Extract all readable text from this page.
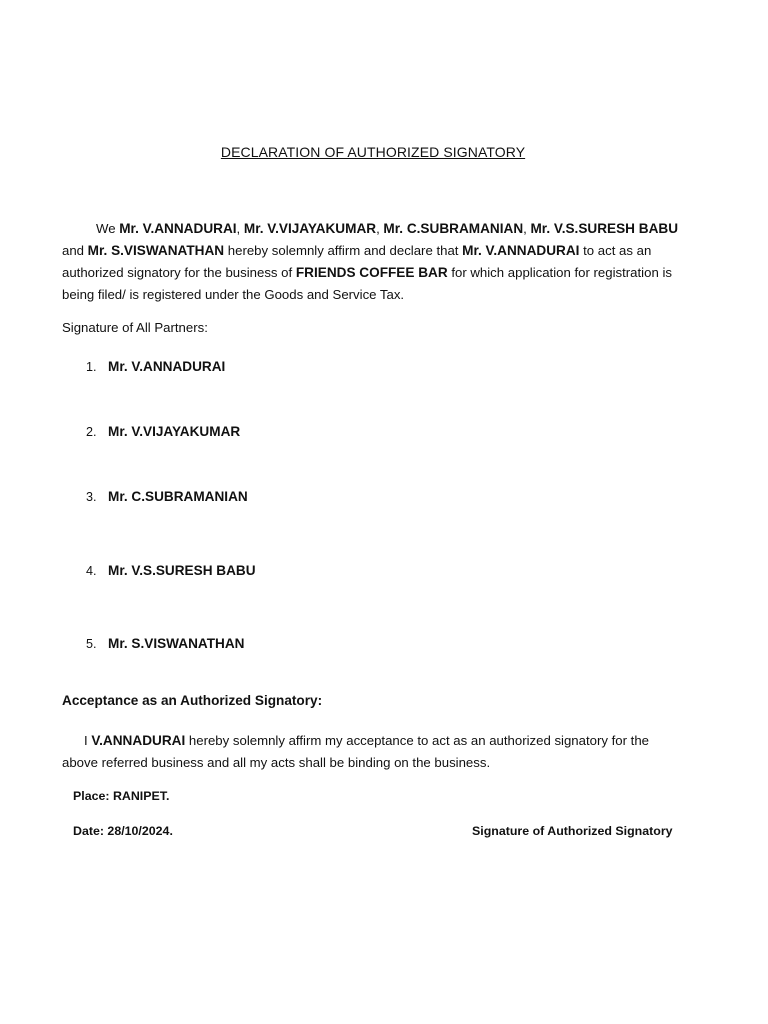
DECLARATION OF AUTHORIZED SIGNATORY
We Mr. V.ANNADURAI, Mr. V.VIJAYAKUMAR, Mr. C.SUBRAMANIAN, Mr. V.S.SURESH BABU and Mr. S.VISWANATHAN hereby solemnly affirm and declare that Mr. V.ANNADURAI to act as an authorized signatory for the business of FRIENDS COFFEE BAR for which application for registration is being filed/ is registered under the Goods and Service Tax.
Signature of All Partners:
1. Mr. V.ANNADURAI
2. Mr. V.VIJAYAKUMAR
3. Mr. C.SUBRAMANIAN
4. Mr. V.S.SURESH BABU
5. Mr. S.VISWANATHAN
Acceptance as an Authorized Signatory:
I V.ANNADURAI hereby solemnly affirm my acceptance to act as an authorized signatory for the above referred business and all my acts shall be binding on the business.
Place: RANIPET.
Date: 28/10/2024.	Signature of Authorized Signatory
